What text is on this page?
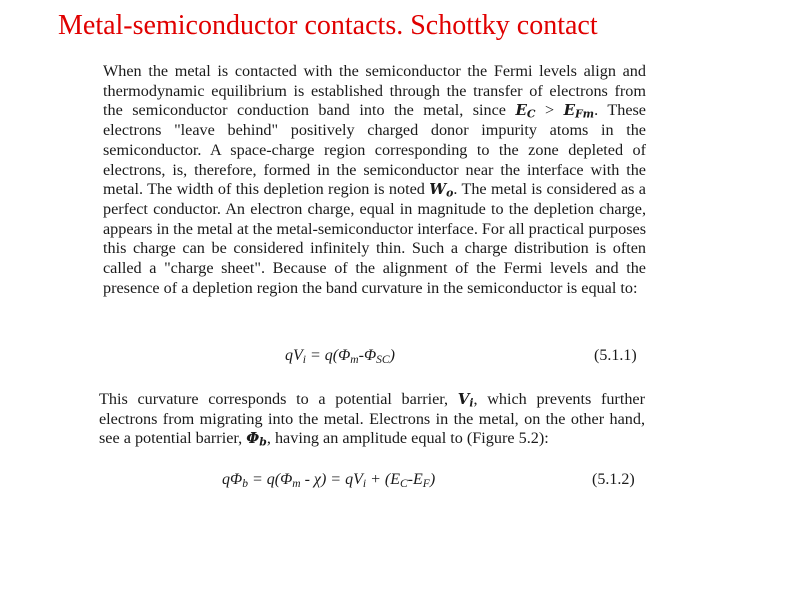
Metal-semiconductor contacts. Schottky contact

When the metal is contacted with the semiconductor the Fermi levels align and thermodynamic equilibrium is established through the transfer of electrons from the semiconductor conduction band into the metal, since $E_C > E_{Fm}$. These electrons "leave behind" positively charged donor impurity atoms in the semiconductor. A space-charge region corresponding to the zone depleted of electrons, is, therefore, formed in the semiconductor near the interface with the metal. The width of this depletion region is noted $W_o$. The metal is considered as a perfect conductor. An electron charge, equal in magnitude to the depletion charge, appears in the metal at the metal-semiconductor interface. For all practical purposes this charge can be considered infinitely thin. Such a charge distribution is often called a "charge sheet". Because of the alignment of the Fermi levels and the presence of a depletion region the band curvature in the semiconductor is equal to:

$qV_i = q(\Phi_m-\Phi_{SC})$	(5.1.1)

This curvature corresponds to a potential barrier, $V_i$, which prevents further electrons from migrating into the metal. Electrons in the metal, on the other hand, see a potential barrier, $\Phi_b$, having an amplitude equal to (Figure 5.2):

$q\Phi_b = q(\Phi_m - \chi) = qV_i + (E_C-E_F)$	(5.1.2)
